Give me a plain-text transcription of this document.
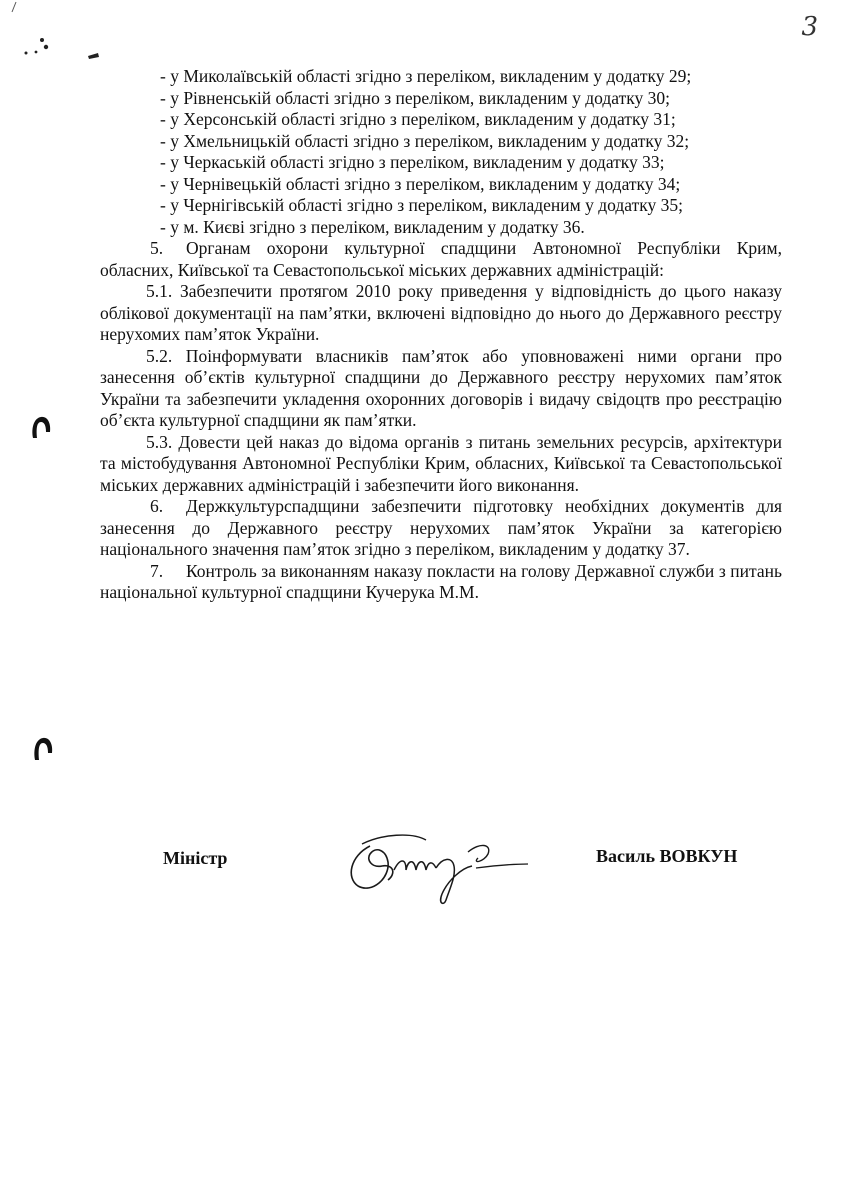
3

- у Миколаївській області згідно з переліком, викладеним у додатку 29;

- у Рівненській області згідно з переліком, викладеним у додатку 30;

- у Херсонській області згідно з переліком, викладеним у додатку 31;

- у Хмельницькій області згідно з переліком, викладеним у додатку 32;

- у Черкаській області згідно з переліком, викладеним у додатку 33;

- у Чернівецькій області згідно з переліком, викладеним у додатку 34;

- у Чернігівській області згідно з переліком, викладеним у додатку 35;

- у м. Києві згідно з переліком, викладеним у додатку 36.

5. Органам охорони культурної спадщини Автономної Республіки Крим, обласних, Київської та Севастопольської міських державних адміністрацій:

5.1. Забезпечити протягом 2010 року приведення у відповідність до цього наказу облікової документації на пам’ятки, включені відповідно до нього до Державного реєстру нерухомих пам’яток України.

5.2. Поінформувати власників пам’яток або уповноважені ними органи про занесення об’єктів культурної спадщини до Державного реєстру нерухомих пам’яток України та забезпечити укладення охоронних договорів і видачу свідоцтв про реєстрацію об’єкта культурної спадщини як пам’ятки.

5.3. Довести цей наказ до відома органів з питань земельних ресурсів, архітектури та містобудування Автономної Республіки Крим, обласних, Київської та Севастопольської міських державних адміністрацій і забезпечити його виконання.

6. Держкультурспадщини забезпечити підготовку необхідних документів для занесення до Державного реєстру нерухомих пам’яток України за категорією національного значення пам’яток згідно з переліком, викладеним у додатку 37.

7. Контроль за виконанням наказу покласти на голову Державної служби з питань національної культурної спадщини Кучерука М.М.

Міністр	Василь ВОВКУН
